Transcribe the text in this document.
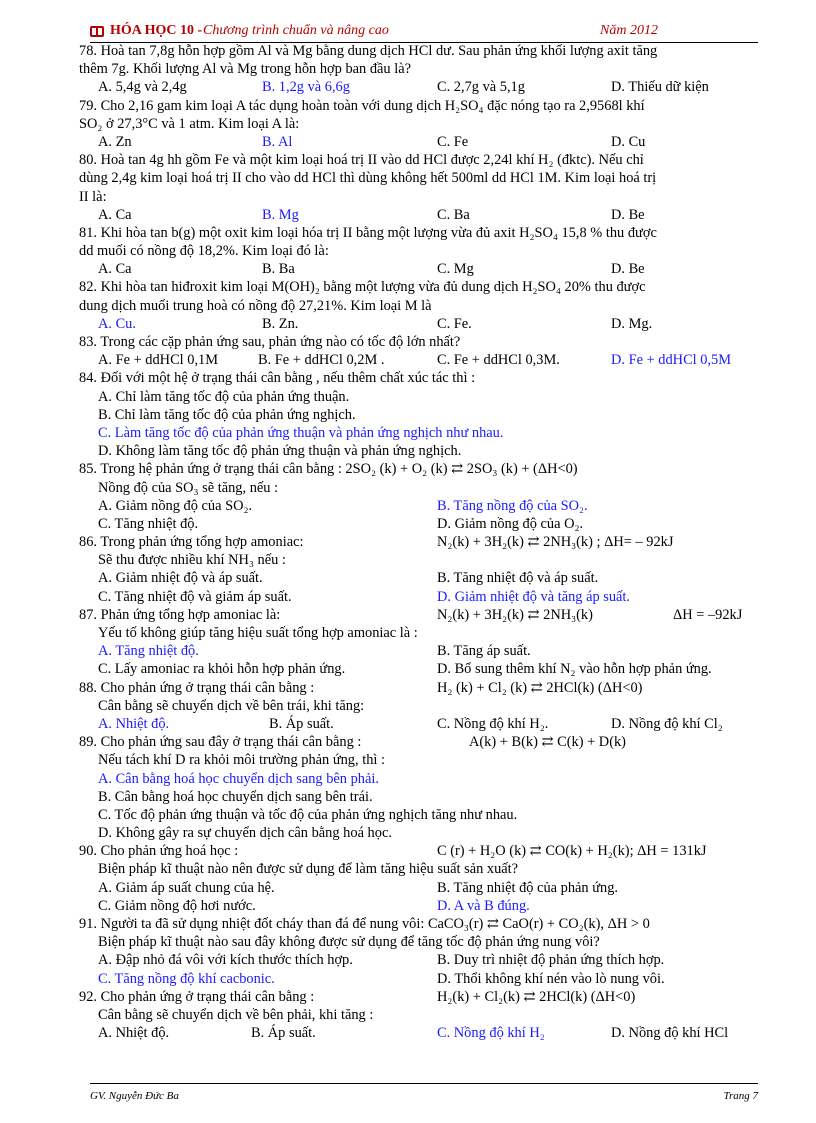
HÓA HỌC 10 - Chương trình chuẩn và nâng cao	Năm 2012
78. Hoà tan 7,8g hỗn hợp gồm Al và Mg bằng dung dịch HCl dư. Sau phản ứng khối lượng axit tăng
thêm 7g. Khối lượng Al và Mg trong hỗn hợp ban đầu là?
A. 5,4g và 2,4g	B. 1,2g và 6,6g	C. 2,7g và 5,1g	D. Thiếu dữ kiện
79. Cho 2,16 gam kim loại A tác dụng hoàn toàn với dung dịch H₂SO₄ đặc nóng tạo ra 2,9568l khí
SO₂ ở 27,3°C và 1 atm. Kim loại A là:
A. Zn	B. Al	C. Fe	D. Cu
80. Hoà tan 4g hh gồm Fe và một kim loại hoá trị II vào dd HCl được 2,24l khí H₂ (đktc). Nếu chỉ
dùng 2,4g kim loại hoá trị II cho vào dd HCl thì dùng không hết 500ml dd HCl 1M. Kim loại hoá trị
II là:
A. Ca	B. Mg	C. Ba	D. Be
81. Khi hòa tan b(g) một oxit kim loại hóa trị II bằng một lượng vừa đủ axit H₂SO₄ 15,8 % thu được
dd muối có nồng độ 18,2%. Kim loại đó là:
A. Ca	B. Ba	C. Mg	D. Be
82. Khi hòa tan hiđroxit kim loại M(OH)₂ bằng một lượng vừa đủ dung dịch H₂SO₄ 20% thu được
dung dịch muối trung hoà có nồng độ 27,21%. Kim loại M là
A. Cu.	B. Zn.	C. Fe.	D. Mg.
83. Trong các cặp phản ứng sau, phản ứng nào có tốc độ lớn nhất?
A. Fe + ddHCl 0,1M	B. Fe + ddHCl 0,2M .	C. Fe + ddHCl 0,3M.	D. Fe + ddHCl 0,5M
84. Đối với một hệ ở trạng thái cân bằng , nếu thêm chất xúc tác thì :
A. Chỉ làm tăng tốc độ của phản ứng thuận.
B. Chỉ làm tăng tốc độ của phản ứng nghịch.
C. Làm tăng tốc độ của phản ứng thuận và phản ứng nghịch như nhau.
D. Không làm tăng tốc độ phản ứng thuận và phản ứng nghịch.
85. Trong hệ phản ứng ở trạng thái cân bằng : 2SO₂ (k) + O₂ (k) ⇄ 2SO₃ (k) + (ΔH<0)
Nồng độ của SO₃ sẽ tăng, nếu :
A. Giảm nồng độ của SO₂.	B. Tăng nồng độ của SO₂.
C. Tăng nhiệt độ.	D. Giảm nồng độ của O₂.
86. Trong phản ứng tổng hợp amoniac:	N₂(k) + 3H₂(k) ⇄ 2NH₃(k) ; ΔH= – 92kJ
Sẽ thu được nhiều khí NH₃ nếu :
A. Giảm nhiệt độ và áp suất.	B. Tăng nhiệt độ và áp suất.
C. Tăng nhiệt độ và giảm áp suất.	D. Giảm nhiệt độ và tăng áp suất.
87. Phản ứng tổng hợp amoniac là:	N₂(k) + 3H₂(k) ⇄ 2NH₃(k)	ΔH = –92kJ
Yếu tố không giúp tăng hiệu suất tổng hợp amoniac là :
A. Tăng nhiệt độ.	B. Tăng áp suất.
C. Lấy amoniac ra khỏi hỗn hợp phản ứng.	D. Bổ sung thêm khí N₂ vào hỗn hợp phản ứng.
88. Cho phản ứng ở trạng thái cân bằng :	H₂ (k) + Cl₂ (k) ⇄ 2HCl(k) (ΔH<0)
Cân bằng sẽ chuyển dịch về bên trái, khi tăng:
A. Nhiệt độ.	B. Áp suất.	C. Nồng độ khí H₂.	D. Nồng độ khí Cl₂
89. Cho phản ứng sau đây ở trạng thái cân bằng :	A(k) + B(k) ⇄ C(k) + D(k)
Nếu tách khí D ra khỏi môi trường phản ứng, thì :
A. Cân bằng hoá học chuyển dịch sang bên phải.
B. Cân bằng hoá học chuyển dịch sang bên trái.
C. Tốc độ phản ứng thuận và tốc độ của phản ứng nghịch tăng như nhau.
D. Không gây ra sự chuyển dịch cân bằng hoá học.
90. Cho phản ứng hoá học :	C (r) + H₂O (k) ⇄ CO(k) + H₂(k); ΔH = 131kJ
Biện pháp kĩ thuật nào nên được sử dụng để làm tăng hiệu suất sản xuất?
A. Giảm áp suất chung của hệ.	B. Tăng nhiệt độ của phản ứng.
C. Giảm nồng độ hơi nước.	D. A và B đúng.
91. Người ta đã sử dụng nhiệt đốt cháy than đá để nung vôi: CaCO₃(r) ⇄ CaO(r) + CO₂(k), ΔH > 0
Biện pháp kĩ thuật nào sau đây không được sử dụng để tăng tốc độ phản ứng nung vôi?
A. Đập nhỏ đá vôi với kích thước thích hợp.	B. Duy trì nhiệt độ phản ứng thích hợp.
C. Tăng nồng độ khí cacbonic.	D. Thổi không khí nén vào lò nung vôi.
92. Cho phản ứng ở trạng thái cân bằng :	H₂(k) + Cl₂(k) ⇄ 2HCl(k) (ΔH<0)
Cân bằng sẽ chuyển dịch về bên phải, khi tăng :
A. Nhiệt độ.	B. Áp suất.	C. Nồng độ khí H₂	D. Nồng độ khí HCl
GV. Nguyễn Đức Ba	Trang 7
